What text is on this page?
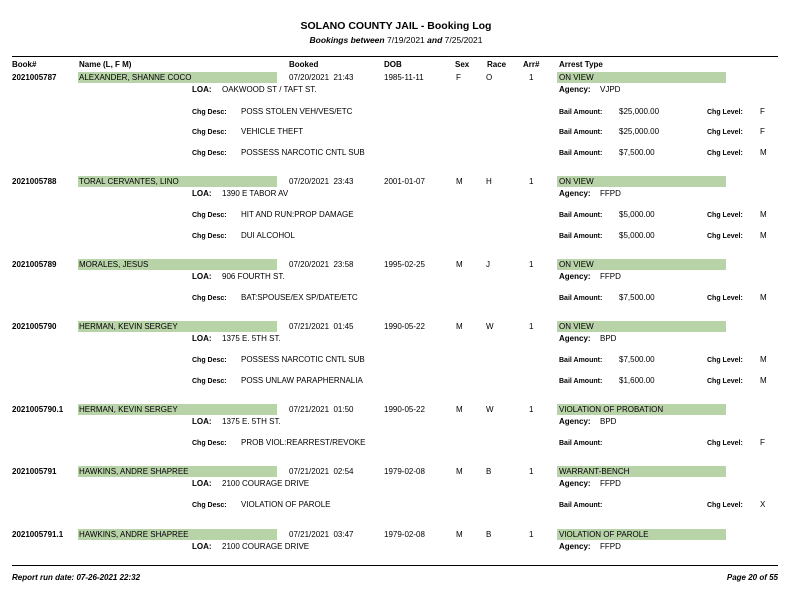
SOLANO COUNTY JAIL - Booking Log
Bookings between 7/19/2021 and 7/25/2021
Book#	Name (L, F M)	Booked	DOB	Sex Race Arr# Arrest Type
2021005787	ALEXANDER, SHANNE COCO	07/20/2021  21:43	1985-11-11	F	O	1	ON VIEW
LOA: OAKWOOD ST / TAFT ST.	Agency: VJPD
Chg Desc: POSS STOLEN VEH/VES/ETC	Bail Amount: $25,000.00	Chg Level: F
Chg Desc: VEHICLE THEFT	Bail Amount: $25,000.00	Chg Level: F
Chg Desc: POSSESS NARCOTIC CNTL SUB	Bail Amount: $7,500.00	Chg Level: M
2021005788	TORAL CERVANTES, LINO	07/20/2021  23:43	2001-01-07	M	H	1	ON VIEW
LOA: 1390 E TABOR AV	Agency: FFPD
Chg Desc: HIT AND RUN:PROP DAMAGE	Bail Amount: $5,000.00	Chg Level: M
Chg Desc: DUI ALCOHOL	Bail Amount: $5,000.00	Chg Level: M
2021005789	MORALES, JESUS	07/20/2021  23:58	1995-02-25	M	J	1	ON VIEW
LOA: 906 FOURTH ST.	Agency: FFPD
Chg Desc: BAT:SPOUSE/EX SP/DATE/ETC	Bail Amount: $7,500.00	Chg Level: M
2021005790	HERMAN, KEVIN SERGEY	07/21/2021  01:45	1990-05-22	M	W	1	ON VIEW
LOA: 1375 E. 5TH ST.	Agency: BPD
Chg Desc: POSSESS NARCOTIC CNTL SUB	Bail Amount: $7,500.00	Chg Level: M
Chg Desc: POSS UNLAW PARAPHERNALIA	Bail Amount: $1,600.00	Chg Level: M
2021005790.1 HERMAN, KEVIN SERGEY	07/21/2021  01:50	1990-05-22	M	W	1	VIOLATION OF PROBATION
LOA: 1375 E. 5TH ST.	Agency: BPD
Chg Desc: PROB VIOL:REARREST/REVOKE	Bail Amount:	Chg Level: F
2021005791	HAWKINS, ANDRE SHAPREE	07/21/2021  02:54	1979-02-08	M	B	1	WARRANT-BENCH
LOA: 2100 COURAGE DRIVE	Agency: FFPD
Chg Desc: VIOLATION OF PAROLE	Bail Amount:	Chg Level: X
2021005791.1 HAWKINS, ANDRE SHAPREE	07/21/2021  03:47	1979-02-08	M	B	1	VIOLATION OF PAROLE
LOA: 2100 COURAGE DRIVE	Agency: FFPD
Report run date: 07-26-2021 22:32	Page 20 of 55
